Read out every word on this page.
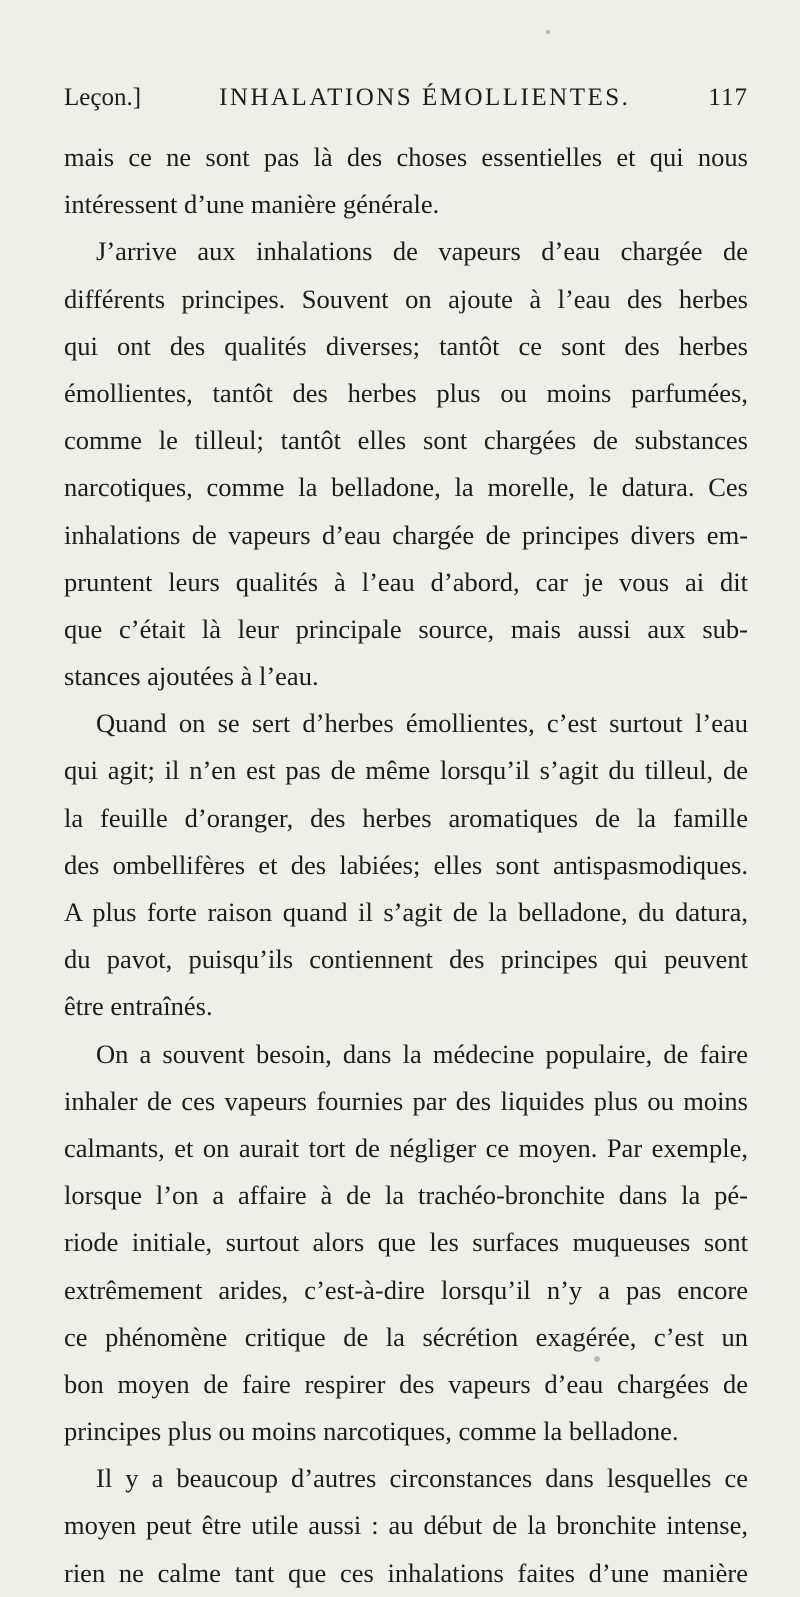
Leçon.]	INHALATIONS ÉMOLLIENTES.	117
mais ce ne sont pas là des choses essentielles et qui nous
intéressent d’une manière générale.
J’arrive aux inhalations de vapeurs d’eau chargée de
différents principes. Souvent on ajoute à l’eau des herbes
qui ont des qualités diverses; tantôt ce sont des herbes
émollientes, tantôt des herbes plus ou moins parfumées,
comme le tilleul; tantôt elles sont chargées de substances
narcotiques, comme la belladone, la morelle, le datura. Ces
inhalations de vapeurs d’eau chargée de principes divers em-
pruntent leurs qualités à l’eau d’abord, car je vous ai dit
que c’était là leur principale source, mais aussi aux sub-
stances ajoutées à l’eau.
Quand on se sert d’herbes émollientes, c’est surtout l’eau
qui agit; il n’en est pas de même lorsqu’il s’agit du tilleul, de
la feuille d’oranger, des herbes aromatiques de la famille
des ombellifères et des labiées; elles sont antispasmodiques.
A plus forte raison quand il s’agit de la belladone, du datura,
du pavot, puisqu’ils contiennent des principes qui peuvent
être entraînés.
On a souvent besoin, dans la médecine populaire, de faire
inhaler de ces vapeurs fournies par des liquides plus ou moins
calmants, et on aurait tort de négliger ce moyen. Par exemple,
lorsque l’on a affaire à de la trachéo-bronchite dans la pé-
riode initiale, surtout alors que les surfaces muqueuses sont
extrêmement arides, c’est-à-dire lorsqu’il n’y a pas encore
ce phénomène critique de la sécrétion exagérée, c’est un
bon moyen de faire respirer des vapeurs d’eau chargées de
principes plus ou moins narcotiques, comme la belladone.
Il y a beaucoup d’autres circonstances dans lesquelles ce
moyen peut être utile aussi : au début de la bronchite intense,
rien ne calme tant que ces inhalations faites d’une manière
